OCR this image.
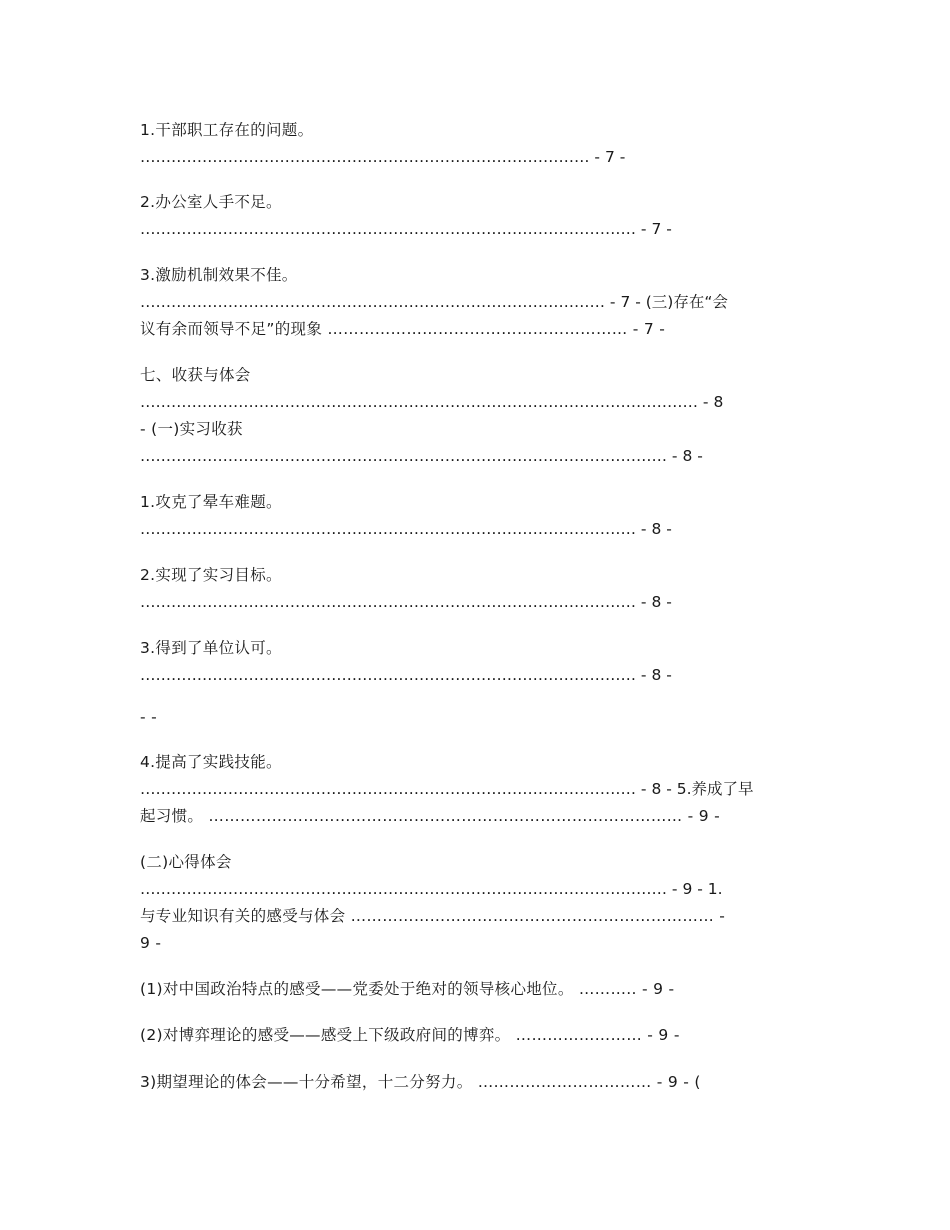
1.干部职工存在的问题。
…………………………………………………………………………… - 7 -
2.办公室人手不足。
…………………………………………………………………………………… - 7 -
3.激励机制效果不佳。
……………………………………………………………………………… - 7 - (三)存在“会
议有余而领导不足”的现象 ………………………………………………… - 7 -
七、收获与体会
……………………………………………………………………………………………… - 8
- (一)实习收获
………………………………………………………………………………………… - 8 -
1.攻克了晕车难题。
…………………………………………………………………………………… - 8 -
2.实现了实习目标。
…………………………………………………………………………………… - 8 -
3.得到了单位认可。
…………………………………………………………………………………… - 8 -
- -
4.提高了实践技能。
…………………………………………………………………………………… - 8 - 5.养成了早
起习惯。 ……………………………………………………………………………… - 9 -
(二)心得体会
………………………………………………………………………………………… - 9 - 1.
与专业知识有关的感受与体会 …………………………………………………………… -
9 -
(1)对中国政治特点的感受——党委处于绝对的领导核心地位。 ……….. - 9 -
(2)对博弈理论的感受——感受上下级政府间的博弈。 …………………… - 9 -
3)期望理论的体会——十分希望，十二分努力。 …………………………… - 9 - (
